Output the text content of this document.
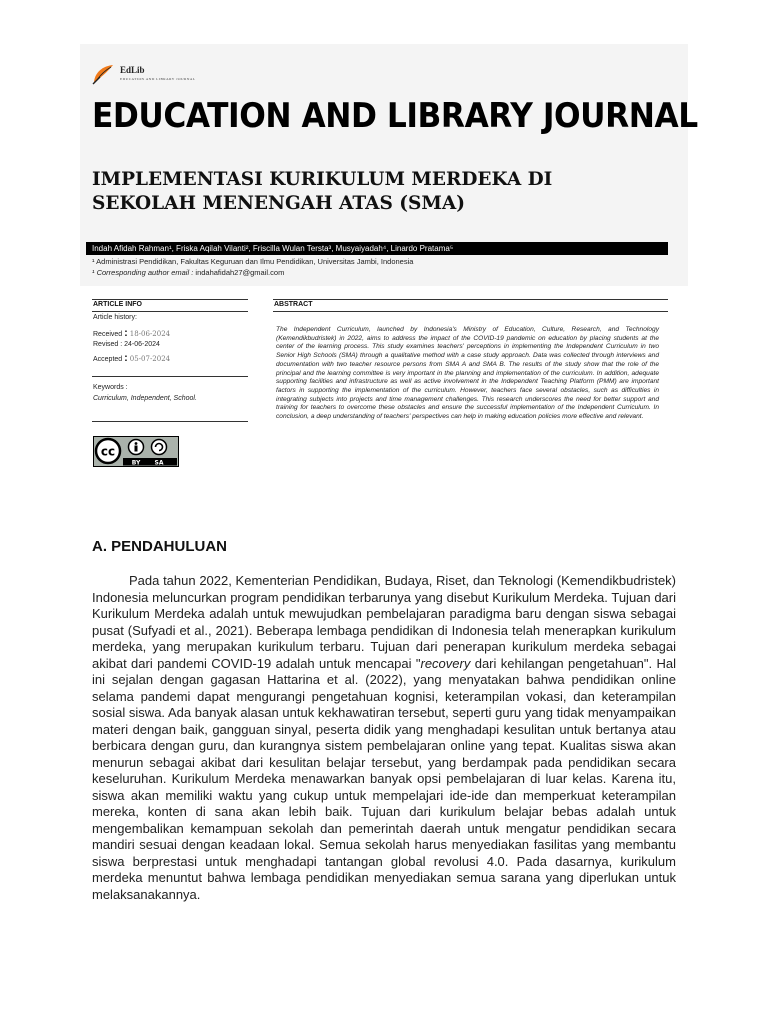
EdLib
EDUCATION AND LIBRARY JOURNAL
EDUCATION AND LIBRARY JOURNAL
IMPLEMENTASI KURIKULUM MERDEKA DI SEKOLAH MENENGAH ATAS (SMA)
Indah Afidah Rahman¹, Friska Aqilah Vilanti², Friscilla Wulan Tersta³, Musyaiyadah⁴, Linardo Pratama⁵
¹ Administrasi Pendidikan, Fakultas Keguruan dan Ilmu Pendidikan, Universitas Jambi, Indonesia
¹ Corresponding author email : indahafidah27@gmail.com
ARTICLE INFO
Article history:
Received : 18-06-2024
Revised : 24-06-2024
Accepted : 05-07-2024
Keywords :
Curriculum, Independent, School.
ABSTRACT

The Independent Curriculum, launched by Indonesia's Ministry of Education, Culture, Research, and Technology (Kemendikbudristek) in 2022, aims to address the impact of the COVID-19 pandemic on education by placing students at the center of the learning process. This study examines teachers' perceptions in implementing the Independent Curriculum in two Senior High Schools (SMA) through a qualitative method with a case study approach. Data was collected through interviews and documentation with two teacher resource persons from SMA A and SMA B. The results of the study show that the role of the principal and the learning committee is very important in the planning and implementation of the curriculum. In addition, adequate supporting facilities and infrastructure as well as active involvement in the Independent Teaching Platform (PMM) are important factors in supporting the implementation of the curriculum. However, teachers face several obstacles, such as difficulties in integrating subjects into projects and time management challenges. This research underscores the need for better support and training for teachers to overcome these obstacles and ensure the successful implementation of the Independent Curriculum. In conclusion, a deep understanding of teachers' perspectives can help in making education policies more effective and relevant.

cc
BY SA
A. PENDAHULUAN

Pada tahun 2022, Kementerian Pendidikan, Budaya, Riset, dan Teknologi (Kemendikbudristek) Indonesia meluncurkan program pendidikan terbarunya yang disebut Kurikulum Merdeka. Tujuan dari Kurikulum Merdeka adalah untuk mewujudkan pembelajaran paradigma baru dengan siswa sebagai pusat (Sufyadi et al., 2021). Beberapa lembaga pendidikan di Indonesia telah menerapkan kurikulum merdeka, yang merupakan kurikulum terbaru. Tujuan dari penerapan kurikulum merdeka sebagai akibat dari pandemi COVID-19 adalah untuk mencapai "recovery dari kehilangan pengetahuan". Hal ini sejalan dengan gagasan Hattarina et al. (2022), yang menyatakan bahwa pendidikan online selama pandemi dapat mengurangi pengetahuan kognisi, keterampilan vokasi, dan keterampilan sosial siswa. Ada banyak alasan untuk kekhawatiran tersebut, seperti guru yang tidak menyampaikan materi dengan baik, gangguan sinyal, peserta didik yang menghadapi kesulitan untuk bertanya atau berbicara dengan guru, dan kurangnya sistem pembelajaran online yang tepat. Kualitas siswa akan menurun sebagai akibat dari kesulitan belajar tersebut, yang berdampak pada pendidikan secara keseluruhan. Kurikulum Merdeka menawarkan banyak opsi pembelajaran di luar kelas. Karena itu, siswa akan memiliki waktu yang cukup untuk mempelajari ide-ide dan memperkuat keterampilan mereka, konten di sana akan lebih baik. Tujuan dari kurikulum belajar bebas adalah untuk mengembalikan kemampuan sekolah dan pemerintah daerah untuk mengatur pendidikan secara mandiri sesuai dengan keadaan lokal. Semua sekolah harus menyediakan fasilitas yang membantu siswa berprestasi untuk menghadapi tantangan global revolusi 4.0. Pada dasarnya, kurikulum merdeka menuntut bahwa lembaga pendidikan menyediakan semua sarana yang diperlukan untuk melaksanakannya.
